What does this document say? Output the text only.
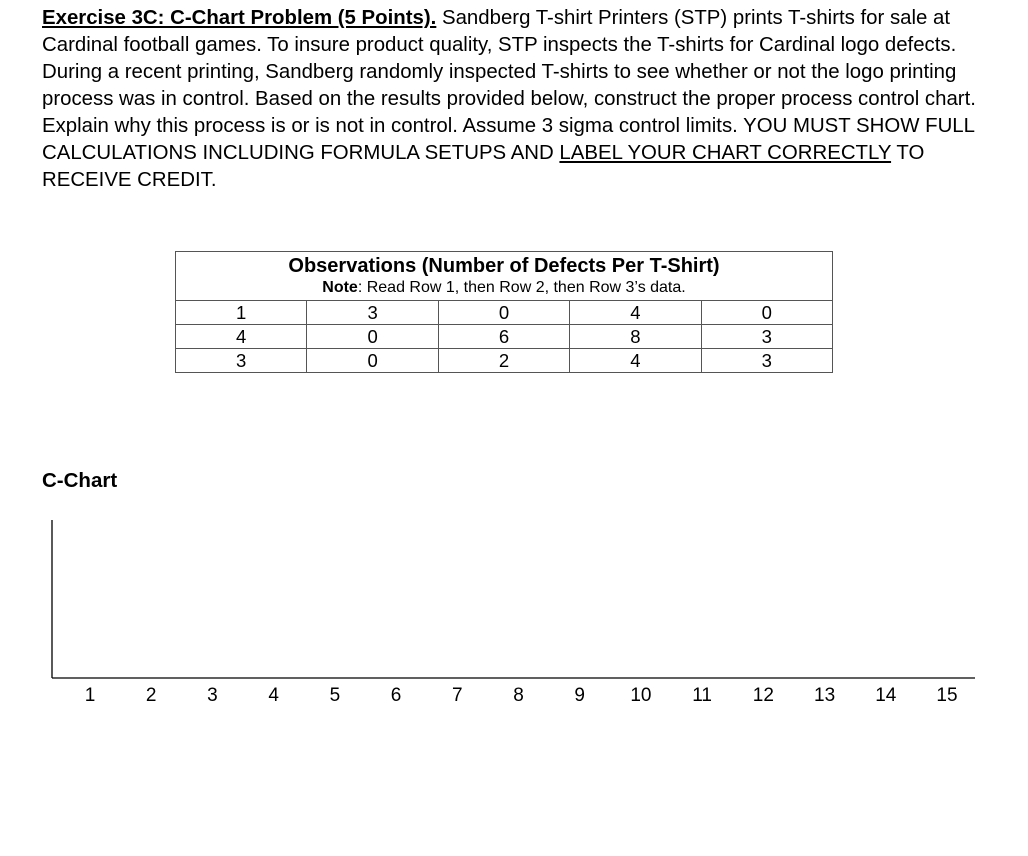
Exercise 3C: C-Chart Problem (5 Points). Sandberg T-shirt Printers (STP) prints T-shirts for sale at Cardinal football games. To insure product quality, STP inspects the T-shirts for Cardinal logo defects. During a recent printing, Sandberg randomly inspected T-shirts to see whether or not the logo printing process was in control. Based on the results provided below, construct the proper process control chart. Explain why this process is or is not in control. Assume 3 sigma control limits. YOU MUST SHOW FULL CALCULATIONS INCLUDING FORMULA SETUPS AND LABEL YOUR CHART CORRECTLY TO RECEIVE CREDIT.
Observations (Number of Defects Per T-Shirt)
Note: Read Row 1, then Row 2, then Row 3’s data.				

1	3	0	4	0
4	0	6	8	3
3	0	2	4	3
C-Chart
1	2	3	4	5	6	7	8	9 10 11 12 13 14 15
